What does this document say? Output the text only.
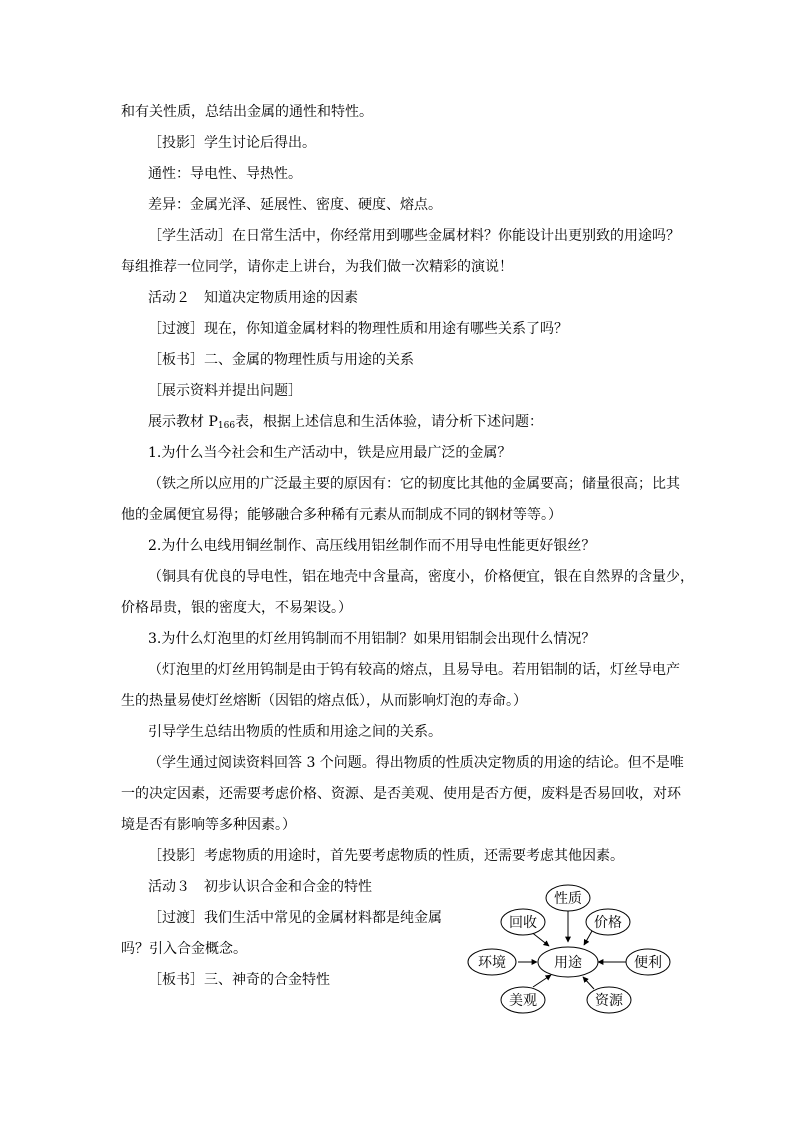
和有关性质，总结出金属的通性和特性。
［投影］学生讨论后得出。
通性：导电性、导热性。
差异：金属光泽、延展性、密度、硬度、熔点。
［学生活动］在日常生活中，你经常用到哪些金属材料？你能设计出更别致的用途吗？
每组推荐一位同学，请你走上讲台，为我们做一次精彩的演说！
活动２　知道决定物质用途的因素
［过渡］现在，你知道金属材料的物理性质和用途有哪些关系了吗？
［板书］二、金属的物理性质与用途的关系
［展示资料并提出问题］
展示教材 $P_{166}$表，根据上述信息和生活体验，请分析下述问题：
1.为什么当今社会和生产活动中，铁是应用最广泛的金属？
（铁之所以应用的广泛最主要的原因有：它的韧度比其他的金属要高；储量很高；比其
他的金属便宜易得；能够融合多种稀有元素从而制成不同的钢材等等。）
2.为什么电线用铜丝制作、高压线用铝丝制作而不用导电性能更好银丝？
（铜具有优良的导电性，铝在地壳中含量高，密度小，价格便宜，银在自然界的含量少，
价格昂贵，银的密度大，不易架设。）
3.为什么灯泡里的灯丝用钨制而不用铝制？如果用铝制会出现什么情况？
（灯泡里的灯丝用钨制是由于钨有较高的熔点，且易导电。若用铝制的话，灯丝导电产
生的热量易使灯丝熔断（因铝的熔点低），从而影响灯泡的寿命。）
引导学生总结出物质的性质和用途之间的关系。
（学生通过阅读资料回答 3 个问题。得出物质的性质决定物质的用途的结论。但不是唯
一的决定因素，还需要考虑价格、资源、是否美观、使用是否方便，废料是否易回收，对环
境是否有影响等多种因素。）
［投影］考虑物质的用途时，首先要考虑物质的性质，还需要考虑其他因素。
活动３　初步认识合金和合金的特性
［过渡］我们生活中常见的金属材料都是纯金属
吗？引入合金概念。
［板书］三、神奇的合金特性
用途
性质
回收	价格
环境	便利
美观	资源
